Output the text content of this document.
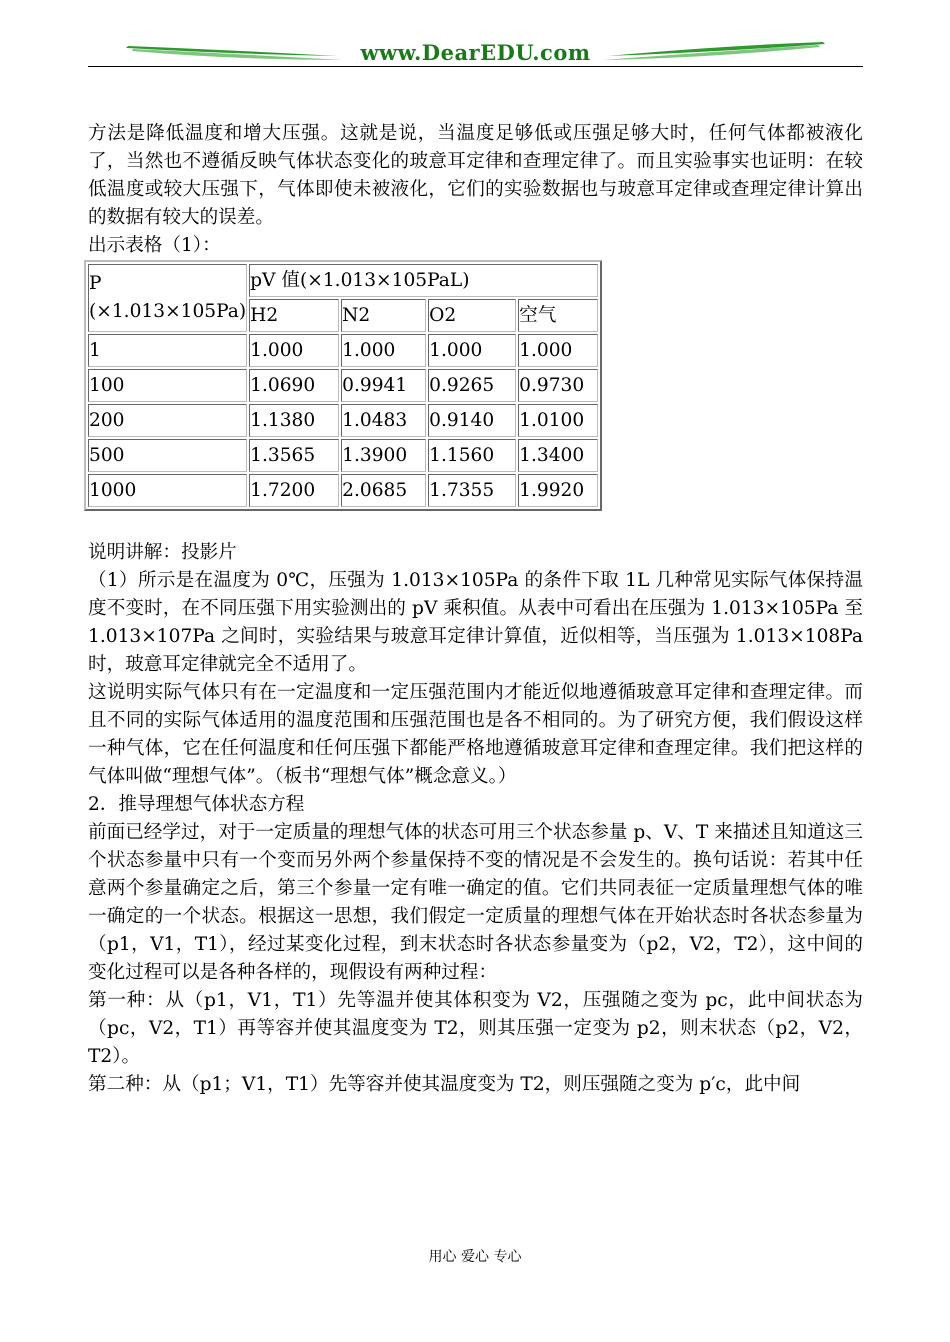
www.DearEDU.com

方法是降低温度和增大压强。这就是说，当温度足够低或压强足够大时，任何气体都被液化了，当然也不遵循反映气体状态变化的玻意耳定律和查理定律了。而且实验事实也证明：在较低温度或较大压强下，气体即使未被液化，它们的实验数据也与玻意耳定律或查理定律计算出的数据有较大的误差。

出示表格（1）：

P
(×1.013×105Pa)	pV 值(×1.013×105PaL)			
	H2	N2	O2	空气
1	1.000	1.000	1.000	1.000
100	1.0690	0.9941	0.9265	0.9730
200	1.1380	1.0483	0.9140	1.0100
500	1.3565	1.3900	1.1560	1.3400
1000	1.7200	2.0685	1.7355	1.9920

说明讲解：投影片

（1）所示是在温度为 0℃，压强为 1.013×105Pa 的条件下取 1L 几种常见实际气体保持温度不变时，在不同压强下用实验测出的 pV 乘积值。从表中可看出在压强为 1.013×105Pa 至 1.013×107Pa 之间时，实验结果与玻意耳定律计算值，近似相等，当压强为 1.013×108Pa 时，玻意耳定律就完全不适用了。

这说明实际气体只有在一定温度和一定压强范围内才能近似地遵循玻意耳定律和查理定律。而且不同的实际气体适用的温度范围和压强范围也是各不相同的。为了研究方便，我们假设这样一种气体，它在任何温度和任何压强下都能严格地遵循玻意耳定律和查理定律。我们把这样的气体叫做“理想气体”。（板书“理想气体”概念意义。）

2．推导理想气体状态方程

前面已经学过，对于一定质量的理想气体的状态可用三个状态参量 p、V、T 来描述且知道这三个状态参量中只有一个变而另外两个参量保持不变的情况是不会发生的。换句话说：若其中任意两个参量确定之后，第三个参量一定有唯一确定的值。它们共同表征一定质量理想气体的唯一确定的一个状态。根据这一思想，我们假定一定质量的理想气体在开始状态时各状态参量为（p1，V1，T1），经过某变化过程，到末状态时各状态参量变为（p2，V2，T2），这中间的变化过程可以是各种各样的，现假设有两种过程：

第一种：从（p1，V1，T1）先等温并使其体积变为 V2，压强随之变为 pc，此中间状态为（pc，V2，T1）再等容并使其温度变为 T2，则其压强一定变为 p2，则末状态（p2，V2，T2）。

第二种：从（p1；V1，T1）先等容并使其温度变为 T2，则压强随之变为 p′c，此中间

用心 爱心 专心
